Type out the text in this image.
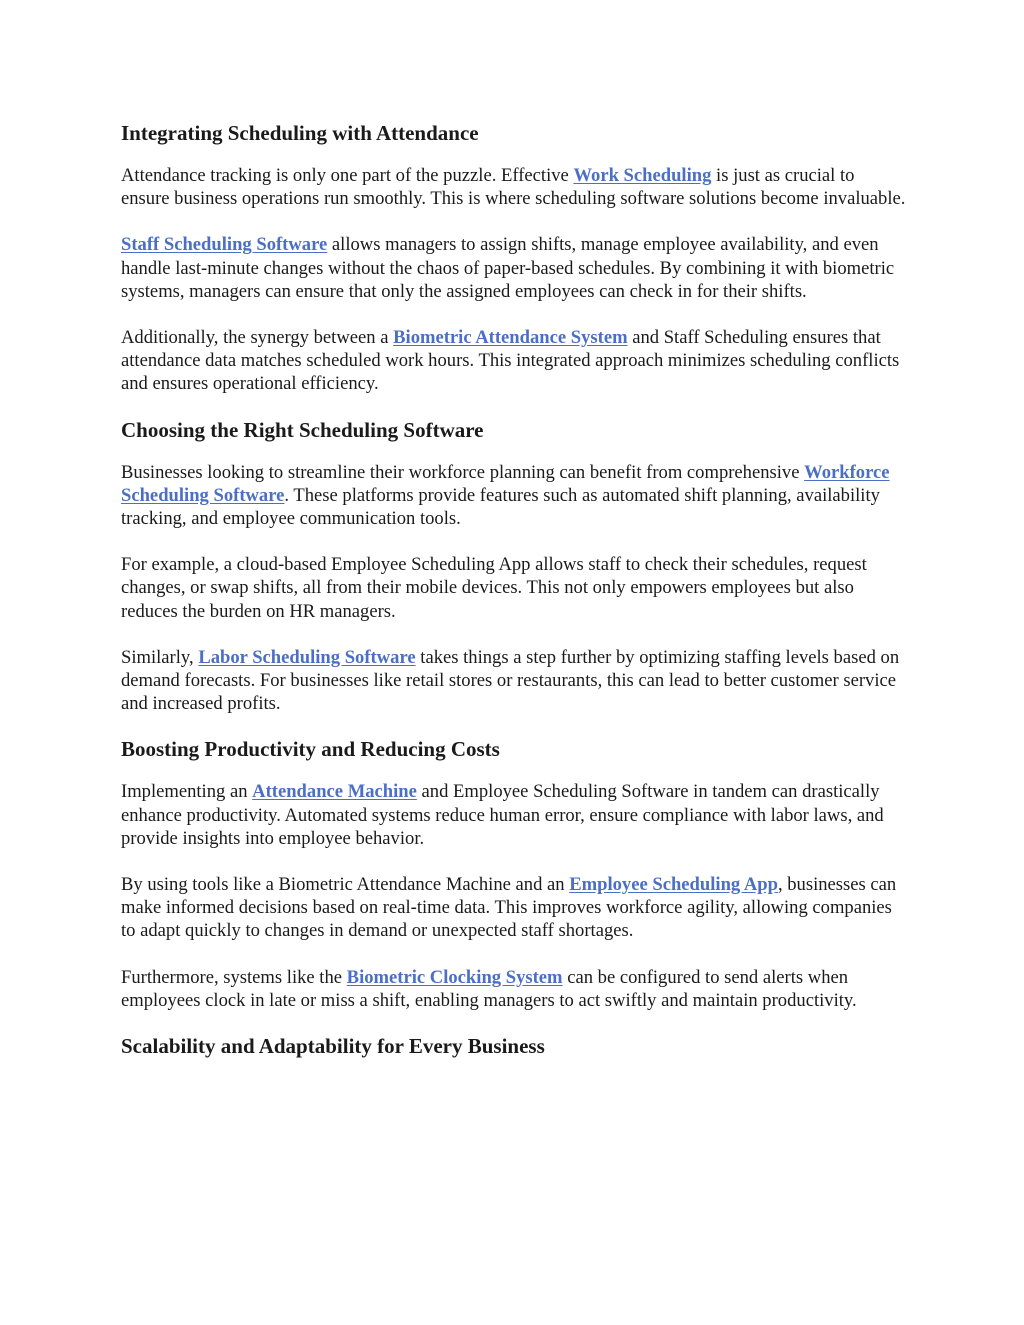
Integrating Scheduling with Attendance

Attendance tracking is only one part of the puzzle. Effective Work Scheduling is just as crucial to ensure business operations run smoothly. This is where scheduling software solutions become invaluable.

Staff Scheduling Software allows managers to assign shifts, manage employee availability, and even handle last-minute changes without the chaos of paper-based schedules. By combining it with biometric systems, managers can ensure that only the assigned employees can check in for their shifts.

Additionally, the synergy between a Biometric Attendance System and Staff Scheduling ensures that attendance data matches scheduled work hours. This integrated approach minimizes scheduling conflicts and ensures operational efficiency.

Choosing the Right Scheduling Software

Businesses looking to streamline their workforce planning can benefit from comprehensive Workforce Scheduling Software. These platforms provide features such as automated shift planning, availability tracking, and employee communication tools.

For example, a cloud-based Employee Scheduling App allows staff to check their schedules, request changes, or swap shifts, all from their mobile devices. This not only empowers employees but also reduces the burden on HR managers.

Similarly, Labor Scheduling Software takes things a step further by optimizing staffing levels based on demand forecasts. For businesses like retail stores or restaurants, this can lead to better customer service and increased profits.

Boosting Productivity and Reducing Costs

Implementing an Attendance Machine and Employee Scheduling Software in tandem can drastically enhance productivity. Automated systems reduce human error, ensure compliance with labor laws, and provide insights into employee behavior.

By using tools like a Biometric Attendance Machine and an Employee Scheduling App, businesses can make informed decisions based on real-time data. This improves workforce agility, allowing companies to adapt quickly to changes in demand or unexpected staff shortages.

Furthermore, systems like the Biometric Clocking System can be configured to send alerts when employees clock in late or miss a shift, enabling managers to act swiftly and maintain productivity.

Scalability and Adaptability for Every Business
